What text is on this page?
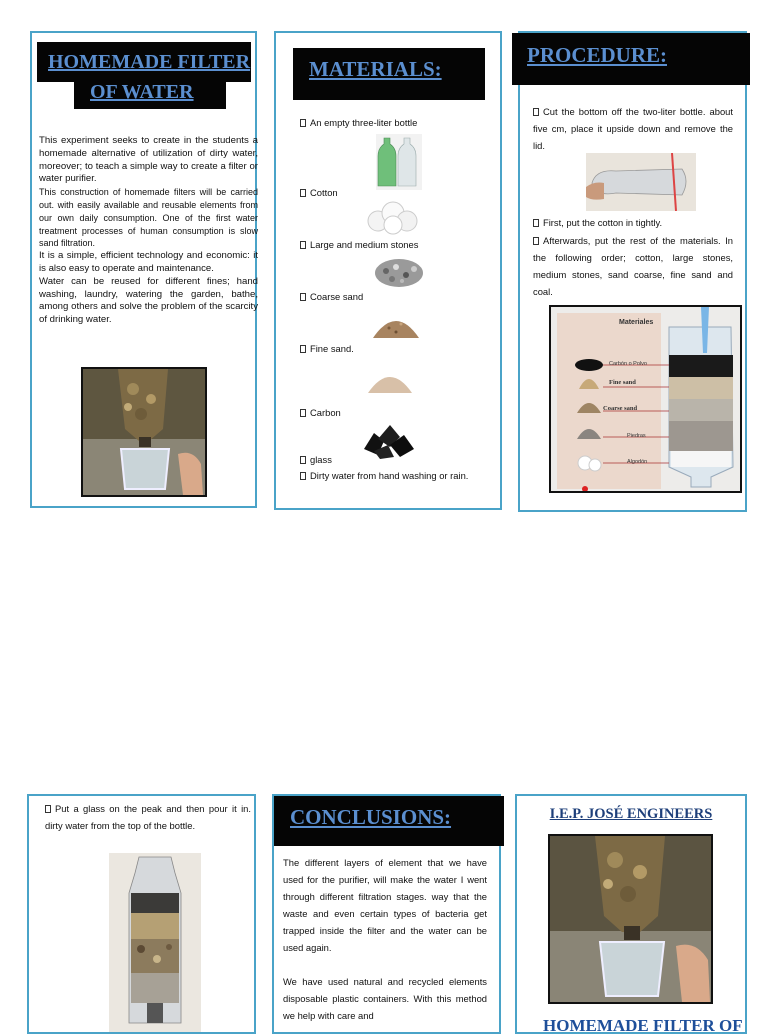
HOMEMADE FILTER
OF WATER

This experiment seeks to create in the students a homemade alternative of utilization of dirty water, moreover; to teach a simple way to create a filter or water purifier.

This construction of homemade filters will be carried out. with easily available and reusable elements from our own daily consumption. One of the first water treatment processes of human consumption is slow sand filtration.

It is a simple, efficient technology and economic: it is also easy to operate and maintenance.

Water can be reused for different fines; hand washing, laundry, watering the garden, bathe, among others and solve the problem of the scarcity of drinking water.

MATERIALS:
An empty three-liter bottle
Cotton
Large and medium stones
Coarse sand
Fine sand.
Carbon
glass
Dirty water from hand washing or rain.
PROCEDURE:
Cut the bottom off the two-liter bottle. about five cm, place it upside down and remove the lid.
First, put the cotton in tightly.
Afterwards, put the rest of the materials. In the following order; cotton, large stones, medium stones, sand coarse, fine sand and coal.
Materiales
Carbón o Polvo
Fine sand
Coarse sand
Piedras
Algodón
Put a glass on the peak and then pour it in. dirty water from the top of the bottle.	CONCLUSIONS:

The different layers of element that we have used for the purifier, will make the water I went through different filtration stages. way that the waste and even certain types of bacteria get trapped inside the filter and the water can be used again.

We have used natural and recycled elements disposable plastic containers. With this method we help with care and

I.E.P. JOSÉ ENGINEERS
HOMEMADE FILTER OF
